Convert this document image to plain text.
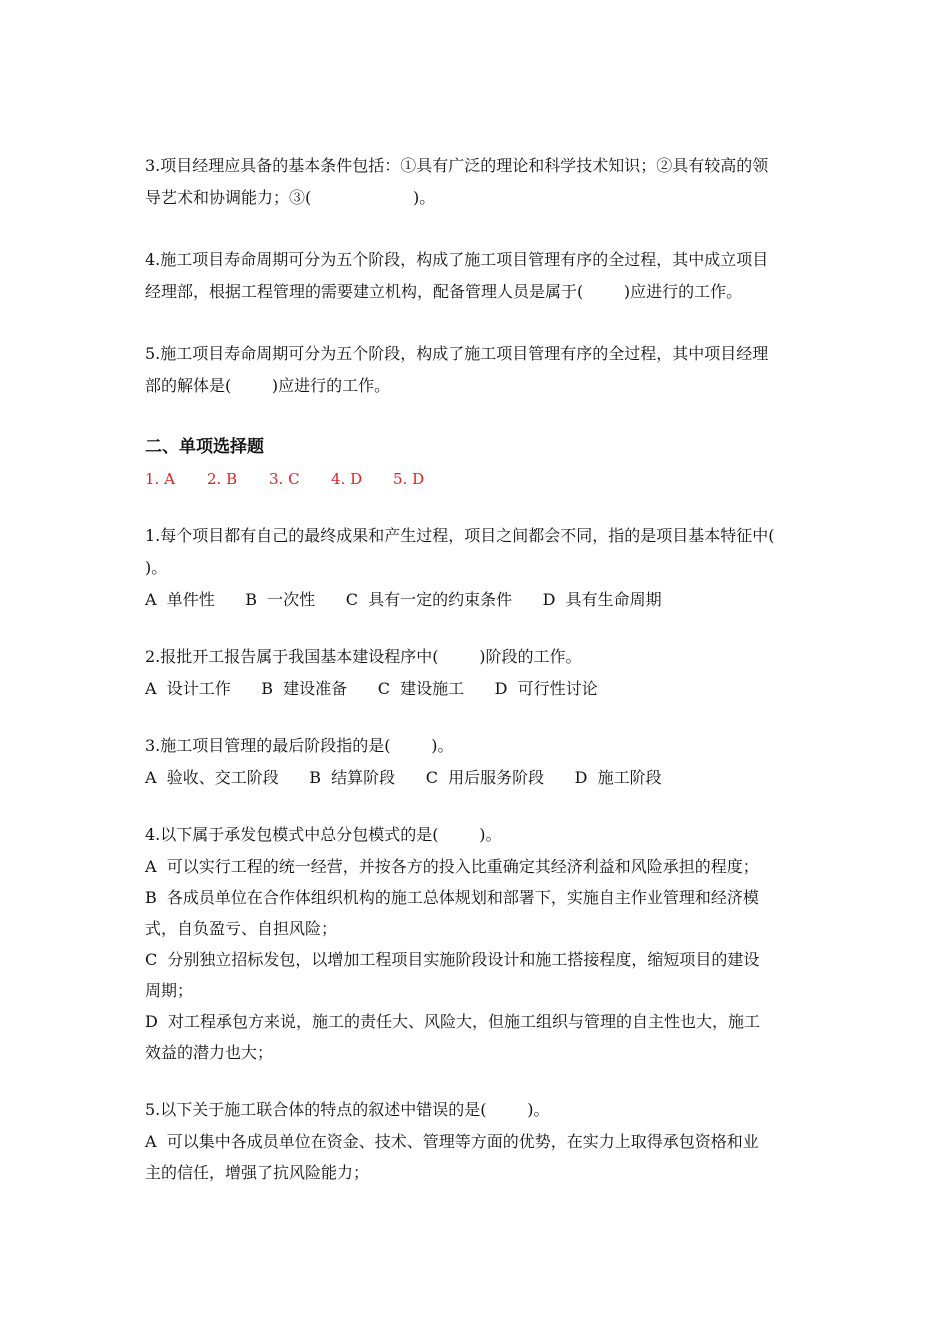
3.项目经理应具备的基本条件包括：①具有广泛的理论和科学技术知识；②具有较高的领

导艺术和协调能力；③(                    )。

4.施工项目寿命周期可分为五个阶段，构成了施工项目管理有序的全过程，其中成立项目

经理部，根据工程管理的需要建立机构，配备管理人员是属于(        )应进行的工作。

5.施工项目寿命周期可分为五个阶段，构成了施工项目管理有序的全过程，其中项目经理

部的解体是(        )应进行的工作。

二、单项选择题

1. A	2. B	3. C	4. D	5. D

1.每个项目都有自己的最终成果和产生过程，项目之间都会不同，指的是项目基本特征中(

)。

A  单件性      B  一次性      C  具有一定的约束条件      D  具有生命周期

2.报批开工报告属于我国基本建设程序中(        )阶段的工作。

A  设计工作      B  建设准备      C  建设施工      D  可行性讨论

3.施工项目管理的最后阶段指的是(        )。

A  验收、交工阶段      B  结算阶段      C  用后服务阶段      D  施工阶段

4.以下属于承发包模式中总分包模式的是(        )。

A  可以实行工程的统一经营，并按各方的投入比重确定其经济利益和风险承担的程度；

B  各成员单位在合作体组织机构的施工总体规划和部署下，实施自主作业管理和经济模

式，自负盈亏、自担风险；

C  分别独立招标发包，以增加工程项目实施阶段设计和施工搭接程度，缩短项目的建设

周期；

D  对工程承包方来说，施工的责任大、风险大，但施工组织与管理的自主性也大，施工

效益的潜力也大；

5.以下关于施工联合体的特点的叙述中错误的是(        )。

A  可以集中各成员单位在资金、技术、管理等方面的优势，在实力上取得承包资格和业

主的信任，增强了抗风险能力；
